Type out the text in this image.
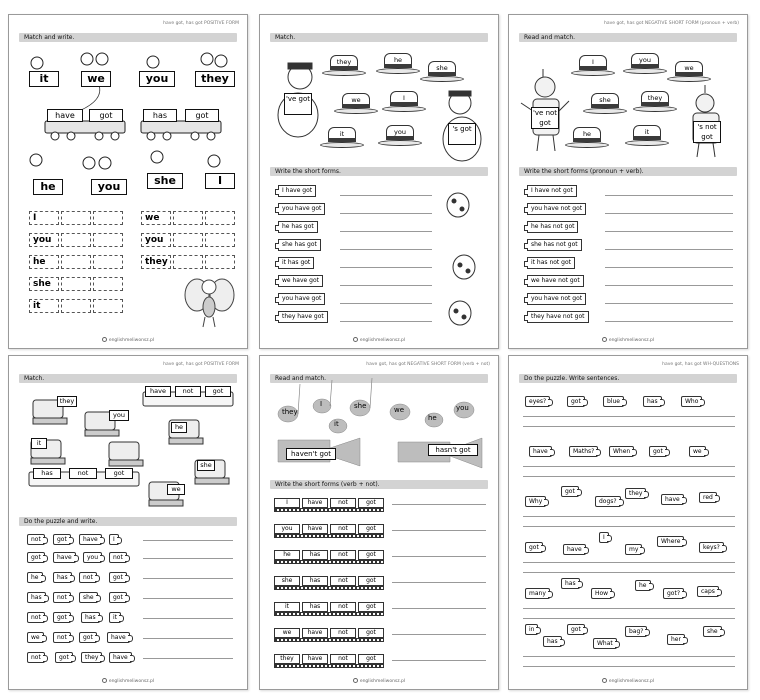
have got, has got POSITIVE FORM
Match and write.
it	we	you	they
have	got	has	got
he	you	she	I
I
you
he
she
it
we
you
they
englishmeliwonsz.pl
Match.
've got
's got
they	he
she
we	I
it	you
Write the short forms.
I have got
you have got
he has got
she has got
it has got
we have got
you have got
they have got
englishmeliwonsz.pl
have got, has got NEGATIVE SHORT FORM (pronoun + verb)
Read and match.
've not got	's not got
I	you
we
she	they
he	it
Write the short forms (pronoun + verb).
I have not got
you have not got
he has not got
she has not got
it has not got
we have not got
you have not got
they have not got
englishmeliwonsz.pl
have got, has got POSITIVE FORM
Match.
they
you
it
he
she
we
have	not	got
has	not	got
Do the puzzle and write.
not	got	have	I
got	have	you	not
he	has	not	got
has	not	she	got
not	got	has	it
we	not	got	have
not	got	they	have
englishmeliwonsz.pl
have got, has got NEGATIVE SHORT FORM (verb + not)
Read and match.
they
I	she
it
we
he
you
haven't got	hasn't got
Write the short forms (verb + not).
I	have	not	got
you	have	not	got
he	has	not	got
she	has	not	got
it	has	not	got
we	have	not	got
they	have	not	got
englishmeliwonsz.pl
have got, has got WH-QUESTIONS
Do the puzzle. Write sentences.
eyes?	got	blue	has	Who
have	Maths?	When	got	we
Why
got
dogs?
they
have	red
got	have
I
my
Where
keys?
many
has
How
he
got?	caps
in	got
has	What
bag?
her
she
englishmeliwonsz.pl
